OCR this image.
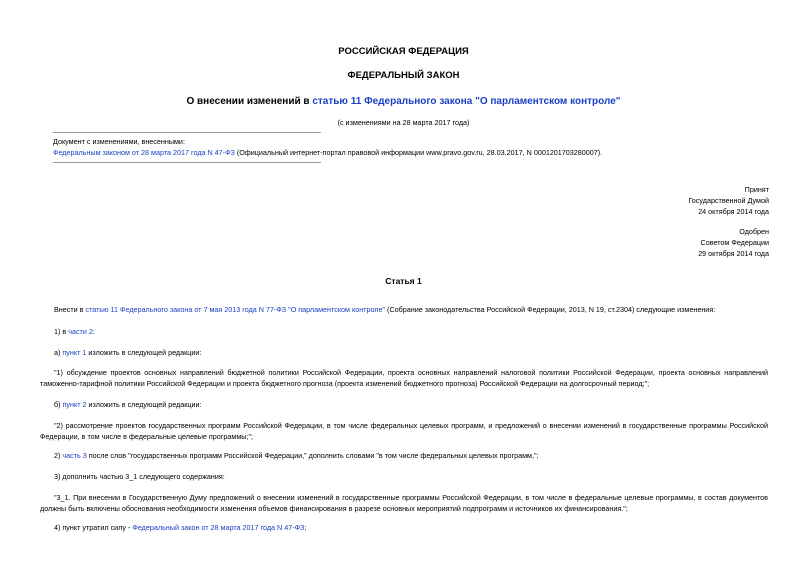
РОССИЙСКАЯ ФЕДЕРАЦИЯ
ФЕДЕРАЛЬНЫЙ ЗАКОН
О внесении изменений в статью 11 Федерального закона "О парламентском контроле"
(с изменениями на 28 марта 2017 года)
Документ с изменениями, внесенными:
Федеральным законом от 28 марта 2017 года N 47-ФЗ (Официальный интернет-портал правовой информации www.pravo.gov.ru, 28.03.2017, N 0001201703280007).
Принят
Государственной Думой
24 октября 2014 года
Одобрен
Советом Федерации
29 октября 2014 года
Статья 1
Внести в статью 11 Федерального закона от 7 мая 2013 года N 77-ФЗ "О парламентском контроле" (Собрание законодательства Российской Федерации, 2013, N 19, ст.2304) следующие изменения:
1) в части 2:
а) пункт 1 изложить в следующей редакции:
"1) обсуждение проектов основных направлений бюджетной политики Российской Федерации, проекта основных направлений налоговой политики Российской Федерации, проекта основных направлений таможенно-тарифной политики Российской Федерации и проекта бюджетного прогноза (проекта изменений бюджетного прогноза) Российской Федерации на долгосрочный период;";
б) пункт 2 изложить в следующей редакции:
"2) рассмотрение проектов государственных программ Российской Федерации, в том числе федеральных целевых программ, и предложений о внесении изменений в государственные программы Российской Федерации, в том числе в федеральные целевые программы;";
2) часть 3 после слов "государственных программ Российской Федерации," дополнить словами "в том числе федеральных целевых программ,";
3) дополнить частью 3_1 следующего содержания:
"3_1. При внесении в Государственную Думу предложений о внесении изменений в государственные программы Российской Федерации, в том числе в федеральные целевые программы, в состав документов должны быть включены обоснования необходимости изменения объемов финансирования в разрезе основных мероприятий подпрограмм и источников их финансирования.";
4) пункт утратил силу - Федеральный закон от 28 марта 2017 года N 47-ФЗ;
